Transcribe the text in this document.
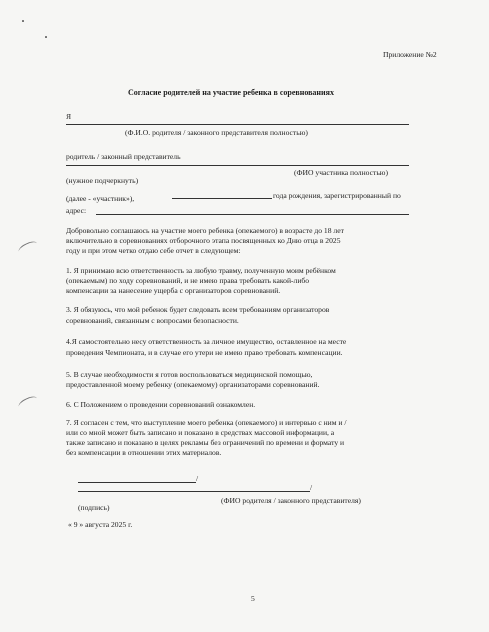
Приложение №2
Согласие родителей на участие ребенка в соревнованиях
Я
(Ф.И.О. родителя / законного представителя полностью)
родитель / законный представитель
(ФИО участника полностью)
(нужное подчеркнуть)
(далее - «участник»),	года рождения, зарегистрированный по
адрес:
Добровольно соглашаюсь на участие моего ребенка (опекаемого) в возрасте до 18 лет
включительно в соревнованиях отборочного этапа посвященных ко Дню отца в 2025
году и при этом четко отдаю себе отчет в следующем:
1. Я принимаю всю ответственность за любую травму, полученную моим ребёнком
(опекаемым) по ходу соревнований, и не имею права требовать какой-либо
компенсации за нанесение ущерба с организаторов соревнований.
3. Я обязуюсь, что мой ребенок будет следовать всем требованиям организаторов
соревнований, связанным с вопросами безопасности.
4.Я самостоятельно несу ответственность за личное имущество, оставленное на месте
проведения Чемпионата, и в случае его утери не имею право требовать компенсации.
5. В случае необходимости я готов воспользоваться медицинской помощью,
предоставленной моему ребенку (опекаемому) организаторами соревнований.
6. С Положением о проведении соревнований ознакомлен.
7. Я согласен с тем, что выступление моего ребенка (опекаемого) и интервью с ним и /
или со мной может быть записано и показано в средствах массовой информации, а
также записано и показано в целях рекламы без ограничений по времени и формату и
без компенсации в отношении этих материалов.
/
/
(подпись)
(ФИО родителя / законного представителя)
« 9 » августа 2025 г.
5
